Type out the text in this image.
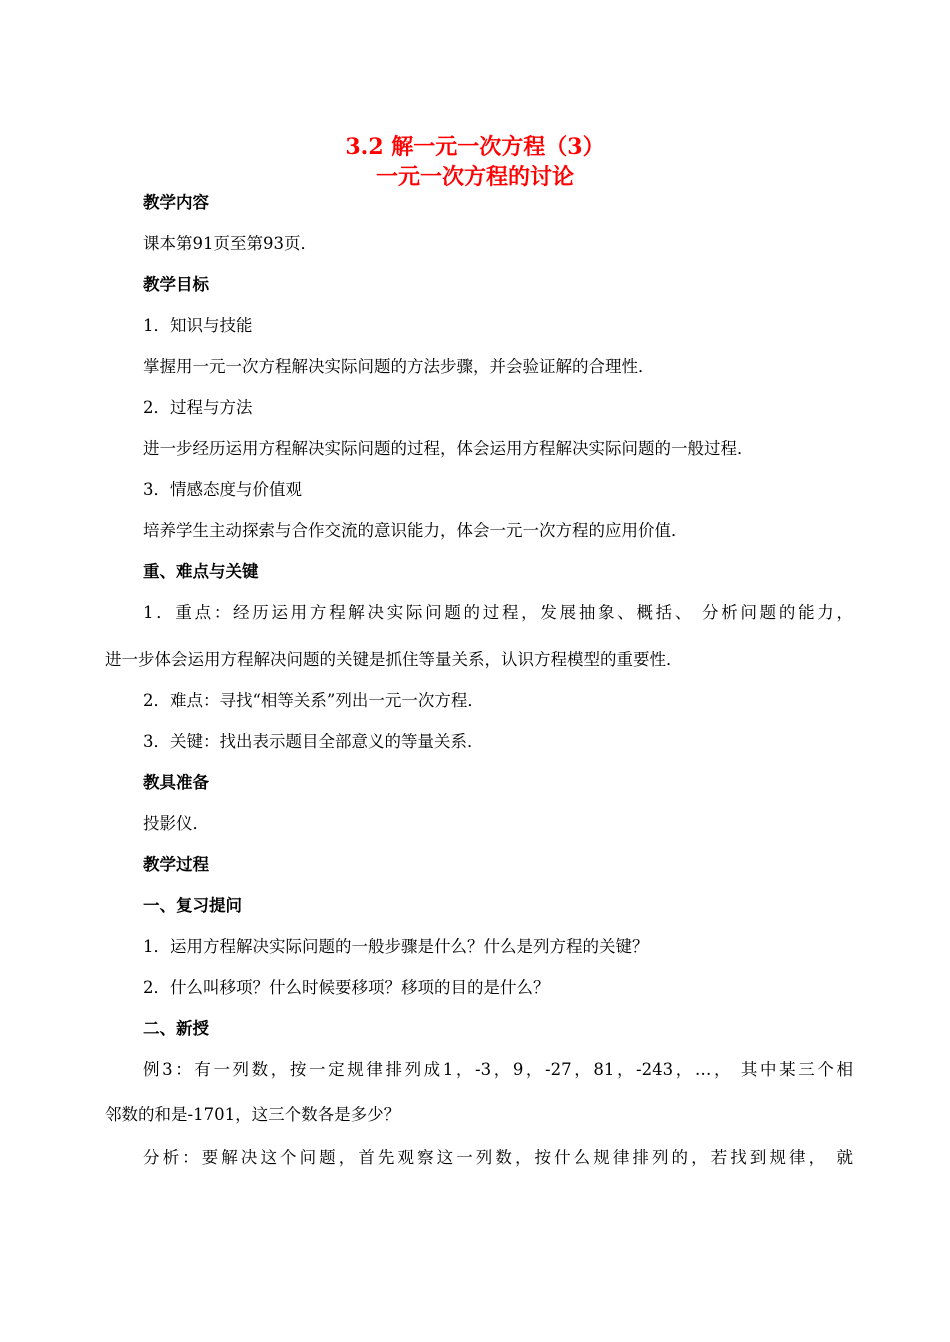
3.2 解一元一次方程（3）
一元一次方程的讨论
教学内容
课本第91页至第93页．
教学目标
1．知识与技能
掌握用一元一次方程解决实际问题的方法步骤，并会验证解的合理性．
2．过程与方法
进一步经历运用方程解决实际问题的过程，体会运用方程解决实际问题的一般过程．
3．情感态度与价值观
培养学生主动探索与合作交流的意识能力，体会一元一次方程的应用价值．
重、难点与关键
1．重点：经历运用方程解决实际问题的过程，发展抽象、概括、 分析问题的能力，
进一步体会运用方程解决问题的关键是抓住等量关系，认识方程模型的重要性．
2．难点：寻找“相等关系”列出一元一次方程．
3．关键：找出表示题目全部意义的等量关系．
教具准备
投影仪．
教学过程
一、复习提问
1．运用方程解决实际问题的一般步骤是什么？什么是列方程的关键？
2．什么叫移项？什么时候要移项？移项的目的是什么？
二、新授
例3：有一列数，按一定规律排列成1，-3，9，-27，81，-243，…， 其中某三个相
邻数的和是-1701，这三个数各是多少？
分析：要解决这个问题，首先观察这一列数，按什么规律排列的，若找到规律， 就
